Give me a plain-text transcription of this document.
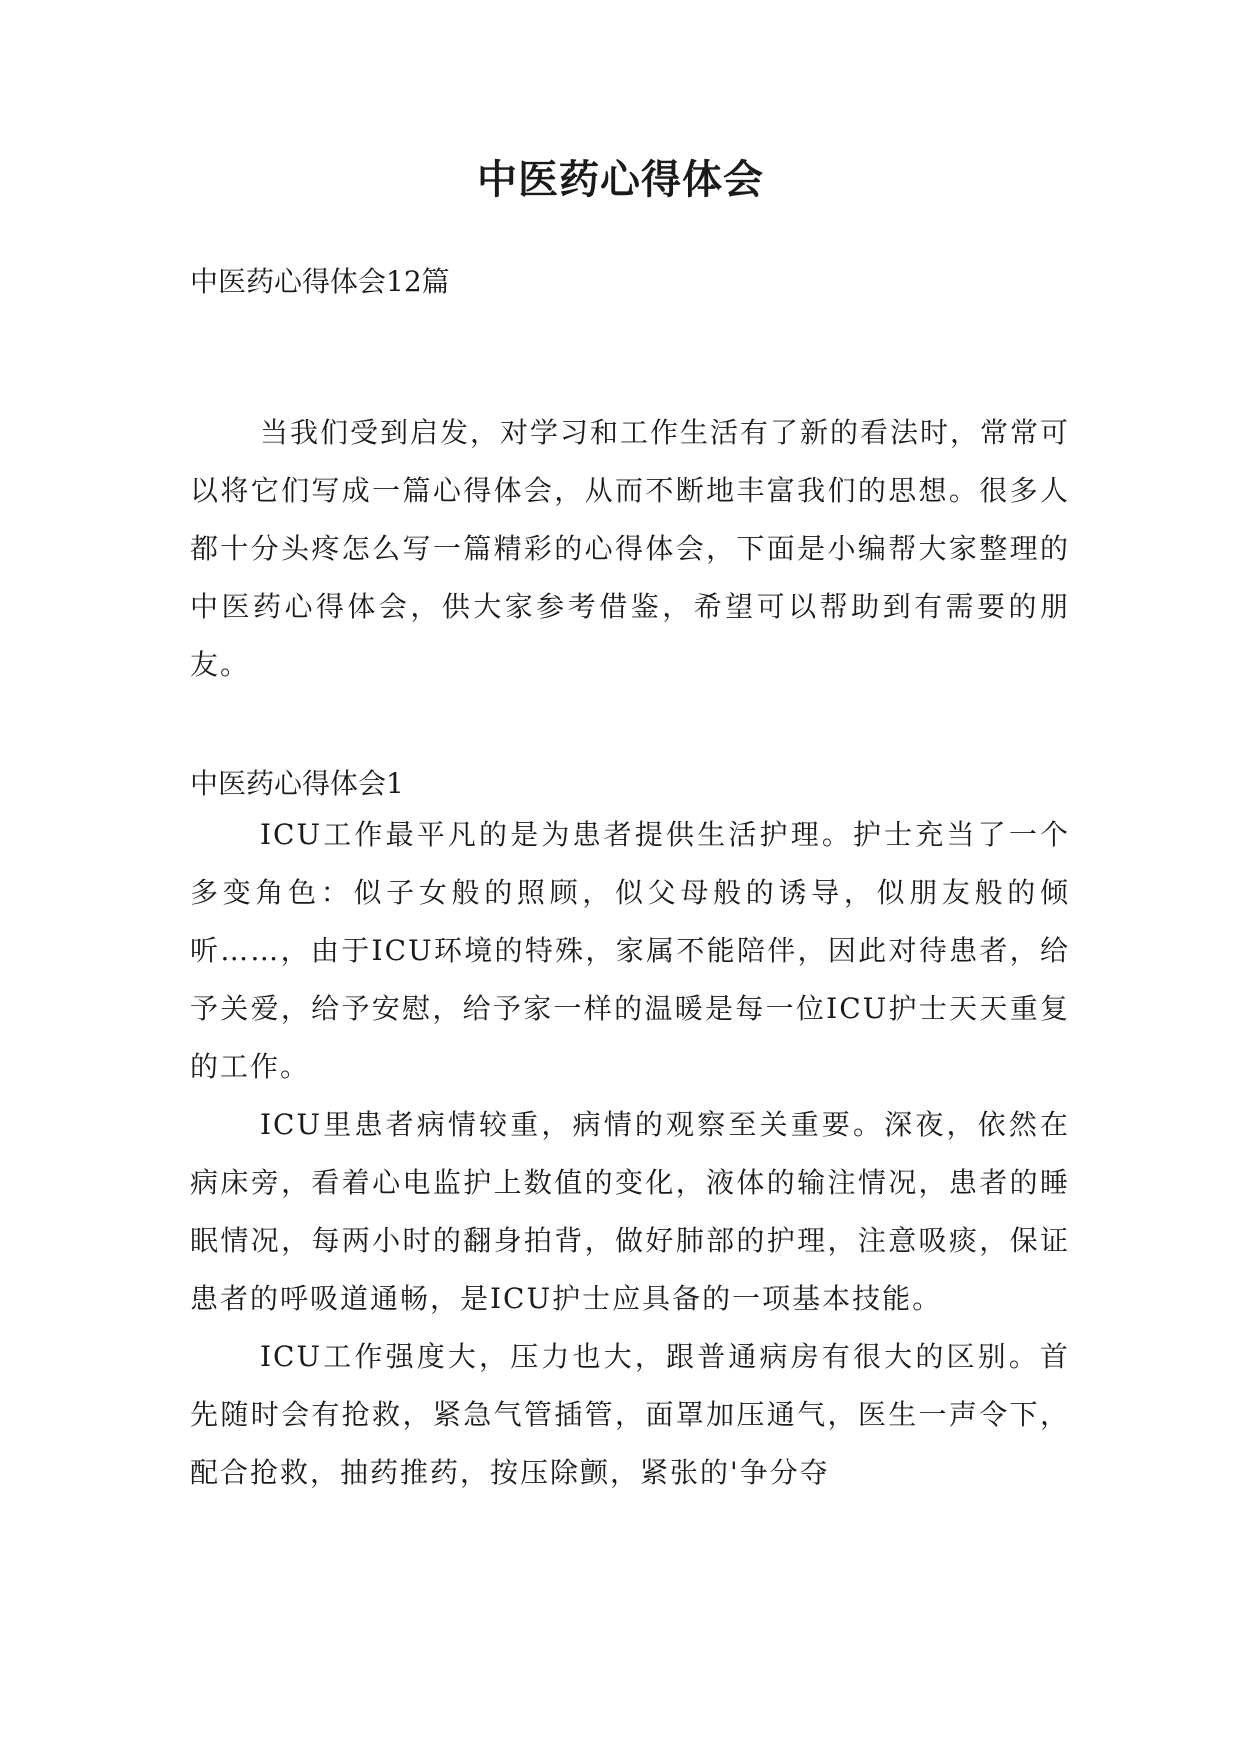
中医药心得体会
中医药心得体会12篇

当我们受到启发，对学习和工作生活有了新的看法时，常常可以将它们写成一篇心得体会，从而不断地丰富我们的思想。很多人都十分头疼怎么写一篇精彩的心得体会，下面是小编帮大家整理的中医药心得体会，供大家参考借鉴，希望可以帮助到有需要的朋友。

中医药心得体会1

ICU工作最平凡的是为患者提供生活护理。护士充当了一个多变角色：似子女般的照顾，似父母般的诱导，似朋友般的倾听……，由于ICU环境的特殊，家属不能陪伴，因此对待患者，给予关爱，给予安慰，给予家一样的温暖是每一位ICU护士天天重复的工作。

ICU里患者病情较重，病情的观察至关重要。深夜，依然在病床旁，看着心电监护上数值的变化，液体的输注情况，患者的睡眠情况，每两小时的翻身拍背，做好肺部的护理，注意吸痰，保证患者的呼吸道通畅，是ICU护士应具备的一项基本技能。

ICU工作强度大，压力也大，跟普通病房有很大的区别。首先随时会有抢救，紧急气管插管，面罩加压通气，医生一声令下，配合抢救，抽药推药，按压除颤，紧张的'争分夺
